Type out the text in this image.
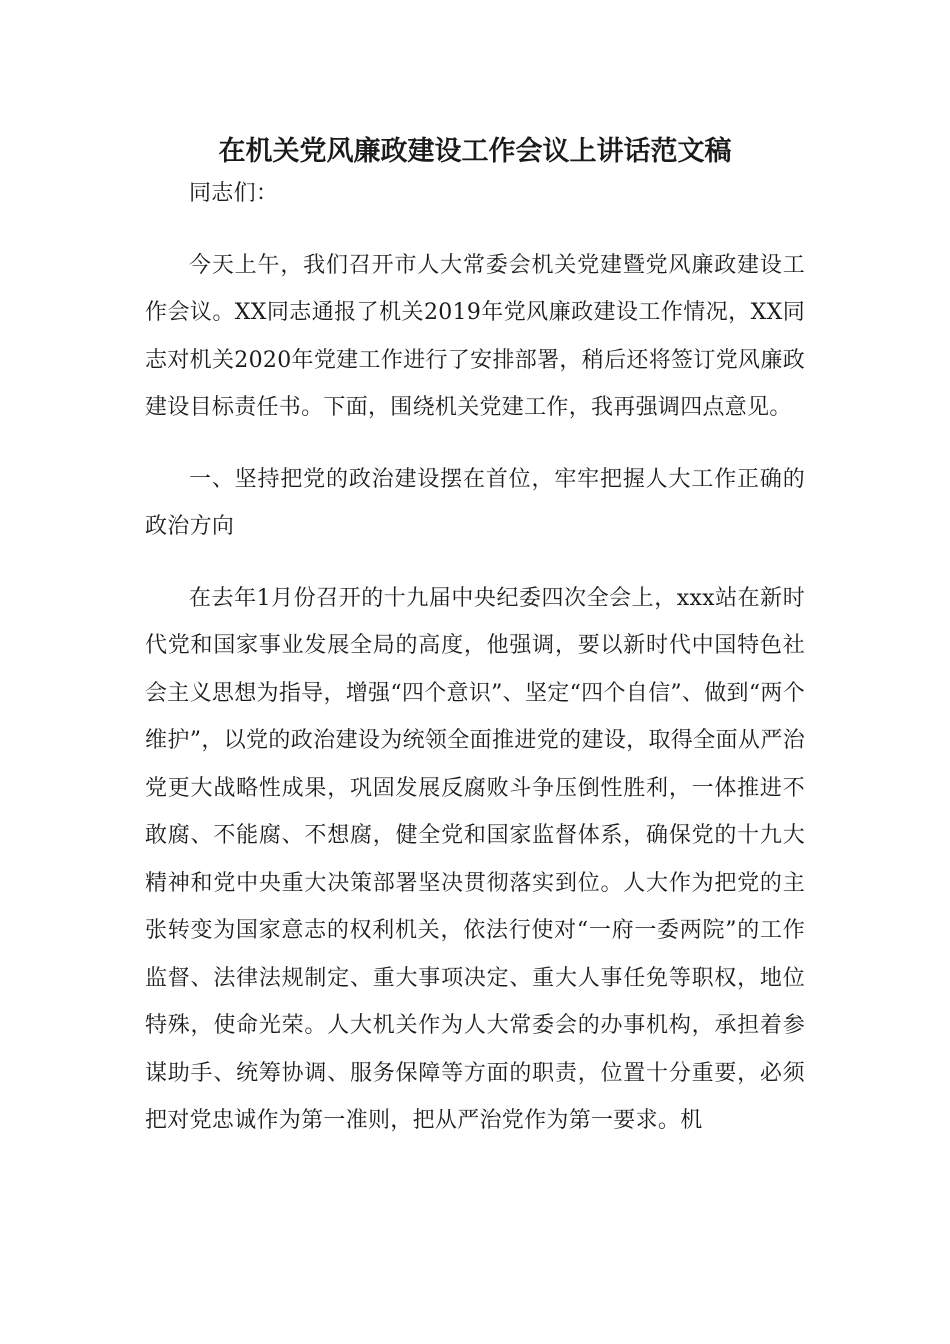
在机关党风廉政建设工作会议上讲话范文稿

同志们：

今天上午，我们召开市人大常委会机关党建暨党风廉政建设工作会议。XX同志通报了机关2019年党风廉政建设工作情况，XX同志对机关2020年党建工作进行了安排部署，稍后还将签订党风廉政建设目标责任书。下面，围绕机关党建工作，我再强调四点意见。

一、坚持把党的政治建设摆在首位，牢牢把握人大工作正确的政治方向

在去年1月份召开的十九届中央纪委四次全会上，xxx站在新时代党和国家事业发展全局的高度，他强调，要以新时代中国特色社会主义思想为指导，增强“四个意识”、坚定“四个自信”、做到“两个维护”，以党的政治建设为统领全面推进党的建设，取得全面从严治党更大战略性成果，巩固发展反腐败斗争压倒性胜利，一体推进不敢腐、不能腐、不想腐，健全党和国家监督体系，确保党的十九大精神和党中央重大决策部署坚决贯彻落实到位。人大作为把党的主张转变为国家意志的权利机关，依法行使对“一府一委两院”的工作监督、法律法规制定、重大事项决定、重大人事任免等职权，地位特殊，使命光荣。人大机关作为人大常委会的办事机构，承担着参谋助手、统筹协调、服务保障等方面的职责，位置十分重要，必须把对党忠诚作为第一准则，把从严治党作为第一要求。机
